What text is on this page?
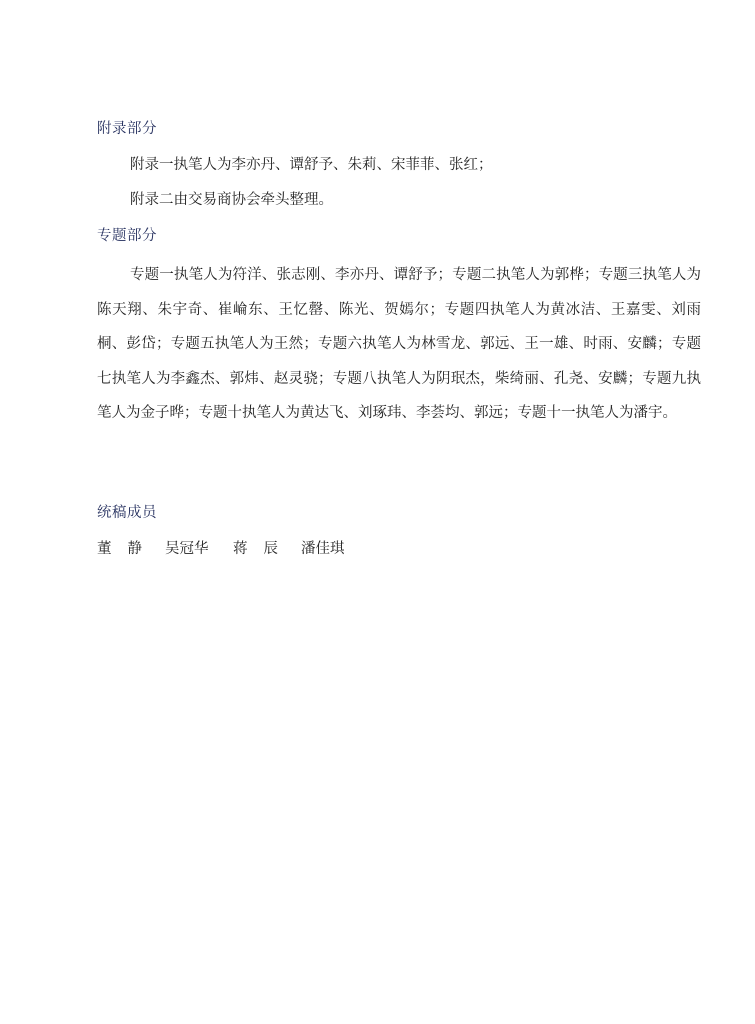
附录部分
附录一执笔人为李亦丹、谭舒予、朱莉、宋菲菲、张红；
附录二由交易商协会牵头整理。
专题部分
专题一执笔人为符洋、张志刚、李亦丹、谭舒予；专题二执笔人为郭桦；专题三执笔人为陈天翔、朱宇奇、崔崘东、王忆罄、陈光、贺嫣尔；专题四执笔人为黄冰洁、王嘉雯、刘雨桐、彭岱；专题五执笔人为王然；专题六执笔人为林雪龙、郭远、王一雄、时雨、安麟；专题七执笔人为李鑫杰、郭炜、赵灵骁；专题八执笔人为阴珉杰，柴绮丽、孔尧、安麟；专题九执笔人为金子晔；专题十执笔人为黄达飞、刘琢玮、李荟均、郭远；专题十一执笔人为潘宇。
统稿成员
董静 吴冠华	蒋辰 潘佳琪
